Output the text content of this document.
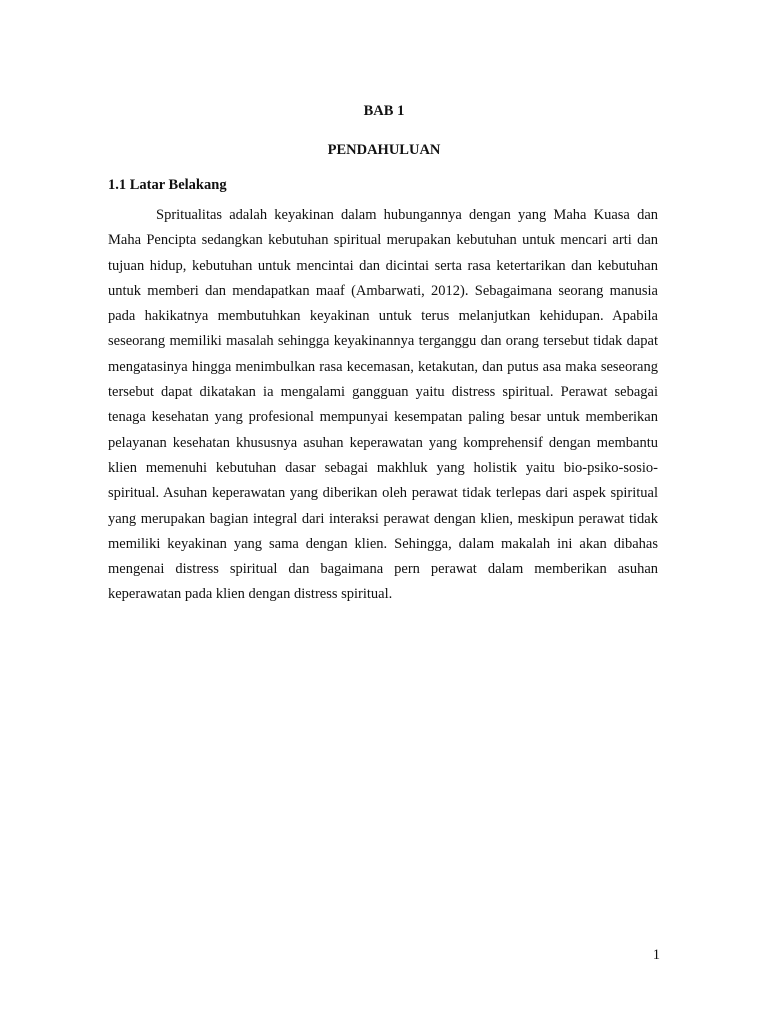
BAB 1
PENDAHULUAN
1.1 Latar Belakang

Spritualitas adalah keyakinan dalam hubungannya dengan yang Maha Kuasa dan Maha Pencipta sedangkan kebutuhan spiritual merupakan kebutuhan untuk mencari arti dan tujuan hidup, kebutuhan untuk mencintai dan dicintai serta rasa ketertarikan dan kebutuhan untuk memberi dan mendapatkan maaf (Ambarwati, 2012). Sebagaimana seorang manusia pada hakikatnya membutuhkan keyakinan untuk terus melanjutkan kehidupan. Apabila seseorang memiliki masalah sehingga keyakinannya terganggu dan orang tersebut tidak dapat mengatasinya hingga menimbulkan rasa kecemasan, ketakutan, dan putus asa maka seseorang tersebut dapat dikatakan ia mengalami gangguan yaitu distress spiritual. Perawat sebagai tenaga kesehatan yang profesional mempunyai kesempatan paling besar untuk memberikan pelayanan kesehatan khususnya asuhan keperawatan yang komprehensif dengan membantu klien memenuhi kebutuhan dasar sebagai makhluk yang holistik yaitu bio-psiko-sosio-spiritual. Asuhan keperawatan yang diberikan oleh perawat tidak terlepas dari aspek spiritual yang merupakan bagian integral dari interaksi perawat dengan klien, meskipun perawat tidak memiliki keyakinan yang sama dengan klien. Sehingga, dalam makalah ini akan dibahas mengenai distress spiritual dan bagaimana pern perawat dalam memberikan asuhan keperawatan pada klien dengan distress spiritual.

1
